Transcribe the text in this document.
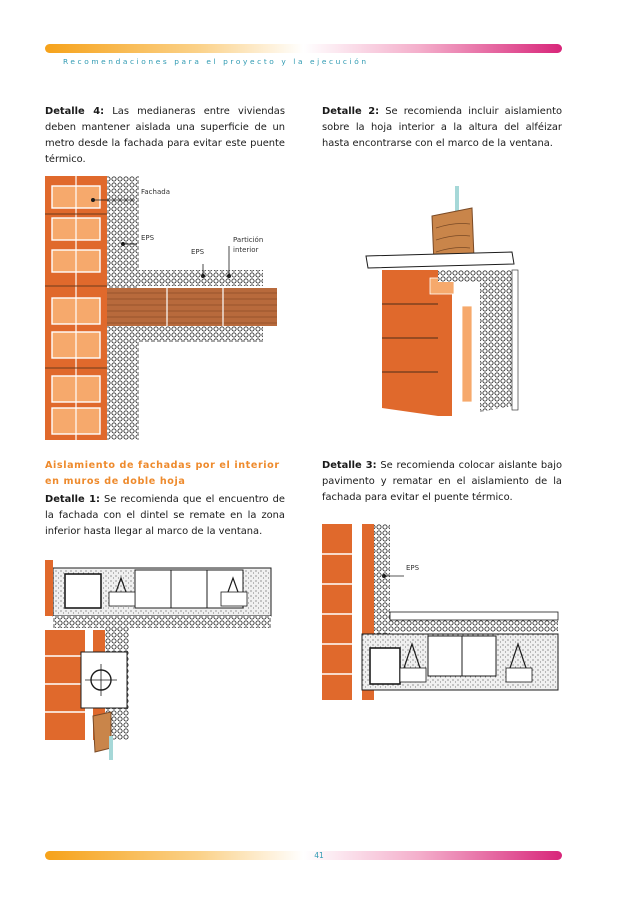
Recomendaciones para el proyecto y la ejecución
Detalle 4: Las medianeras entre viviendas deben mantener aislada una superficie de un metro desde la fachada para evitar este puente térmico.
Detalle 2: Se recomienda incluir aislamiento sobre la hoja interior a la altura del alféizar hasta encontrarse con el marco de la ventana.
Fachada
EPS
EPS
Partición
interior
Aislamiento de fachadas por el interior en muros de doble hoja
Detalle 3: Se recomienda colocar aislante bajo pavimento y rematar en el aislamiento de la fachada para evitar el puente térmico.
Detalle 1: Se recomienda que el encuentro de la fachada con el dintel se remate en la zona inferior hasta llegar al marco de la ventana.
EPS
41
